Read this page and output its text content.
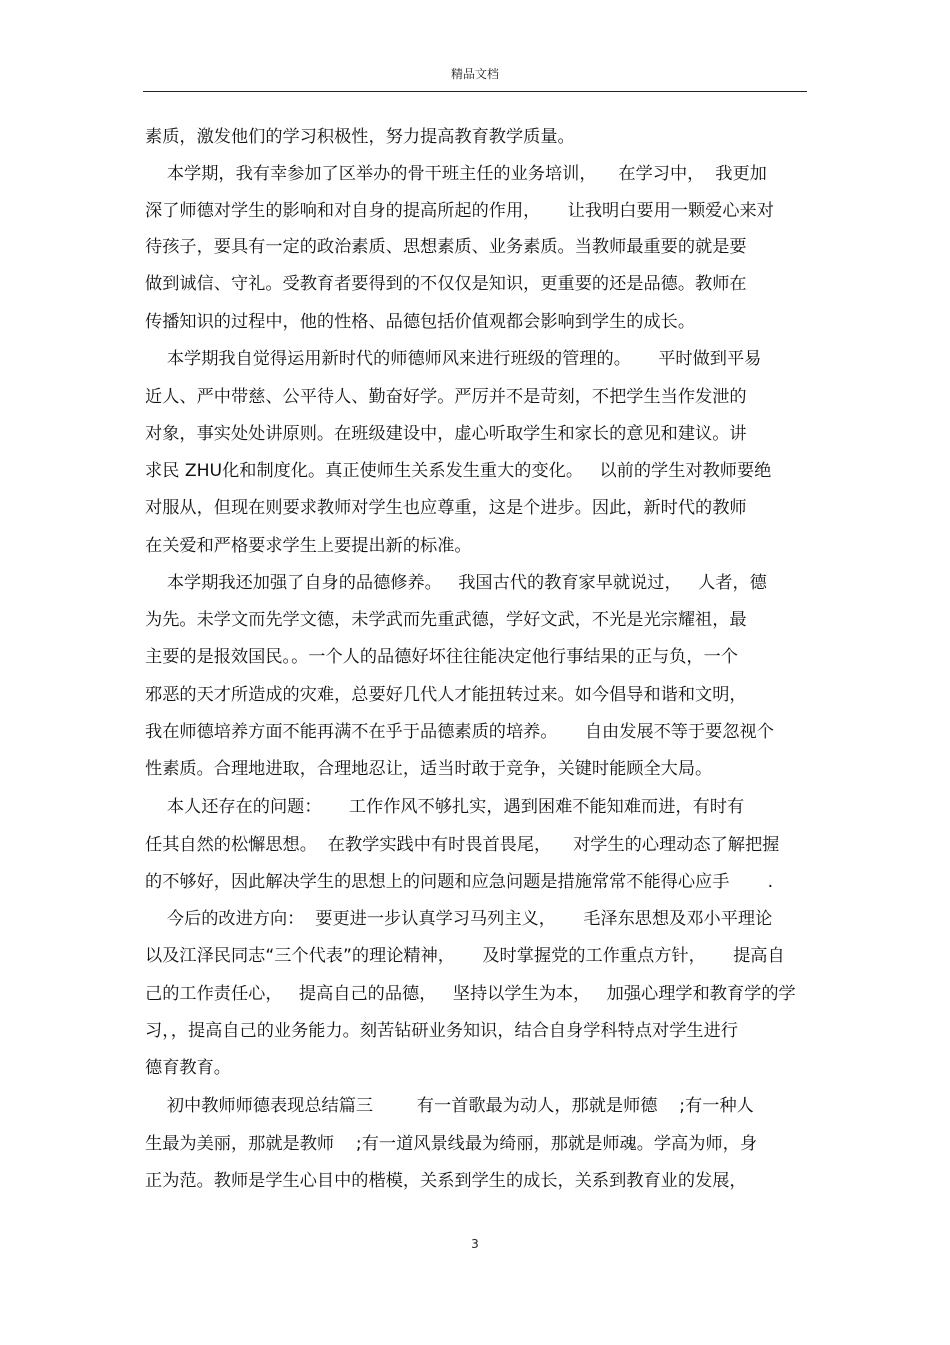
精品文档
素质，激发他们的学习积极性，努力提高教育教学质量。
本学期，我有幸参加了区举办的骨干班主任的业务培训，    在学习中，  我更加
深了师德对学生的影响和对自身的提高所起的作用，     让我明白要用一颗爱心来对
待孩子，要具有一定的政治素质、思想素质、业务素质。当教师最重要的就是要
做到诚信、守礼。受教育者要得到的不仅仅是知识，更重要的还是品德。教师在
传播知识的过程中，他的性格、品德包括价值观都会影响到学生的成长。
本学期我自觉得运用新时代的师德师风来进行班级的管理的。     平时做到平易
近人、严中带慈、公平待人、勤奋好学。严厉并不是苛刻，不把学生当作发泄的
对象，事实处处讲原则。在班级建设中，虚心听取学生和家长的意见和建议。讲
求民 ZHU化和制度化。真正使师生关系发生重大的变化。   以前的学生对教师要绝
对服从，但现在则要求教师对学生也应尊重，这是个进步。因此，新时代的教师
在关爱和严格要求学生上要提出新的标准。
本学期我还加强了自身的品德修养。   我国古代的教育家早就说过，   人者，德
为先。未学文而先学文德，未学武而先重武德，学好文武，不光是光宗耀祖，最
主要的是报效国民。。一个人的品德好坏往往能决定他行事结果的正与负，一个
邪恶的天才所造成的灾难，总要好几代人才能扭转过来。如今倡导和谐和文明，
我在师德培养方面不能再满不在乎于品德素质的培养。     自由发展不等于要忽视个
性素质。合理地进取，合理地忍让，适当时敢于竞争，关键时能顾全大局。
本人还存在的问题：     工作作风不够扎实，遇到困难不能知难而进，有时有
任其自然的松懈思想。  在教学实践中有时畏首畏尾，    对学生的心理动态了解把握
的不够好，因此解决学生的思想上的问题和应急问题是措施常常不能得心应手       .
今后的改进方向：  要更进一步认真学习马列主义，     毛泽东思想及邓小平理论
以及江泽民同志“三个代表”的理论精神，     及时掌握党的工作重点方针，     提高自
己的工作责任心，   提高自己的品德，   坚持以学生为本，   加强心理学和教育学的学
习，，提高自己的业务能力。刻苦钻研业务知识，结合自身学科特点对学生进行
德育教育。
初中教师师德表现总结篇三        有一首歌最为动人，那就是师德    ;有一种人
生最为美丽，那就是教师    ;有一道风景线最为绮丽，那就是师魂。学高为师，身
正为范。教师是学生心目中的楷模，关系到学生的成长，关系到教育业的发展，
3
